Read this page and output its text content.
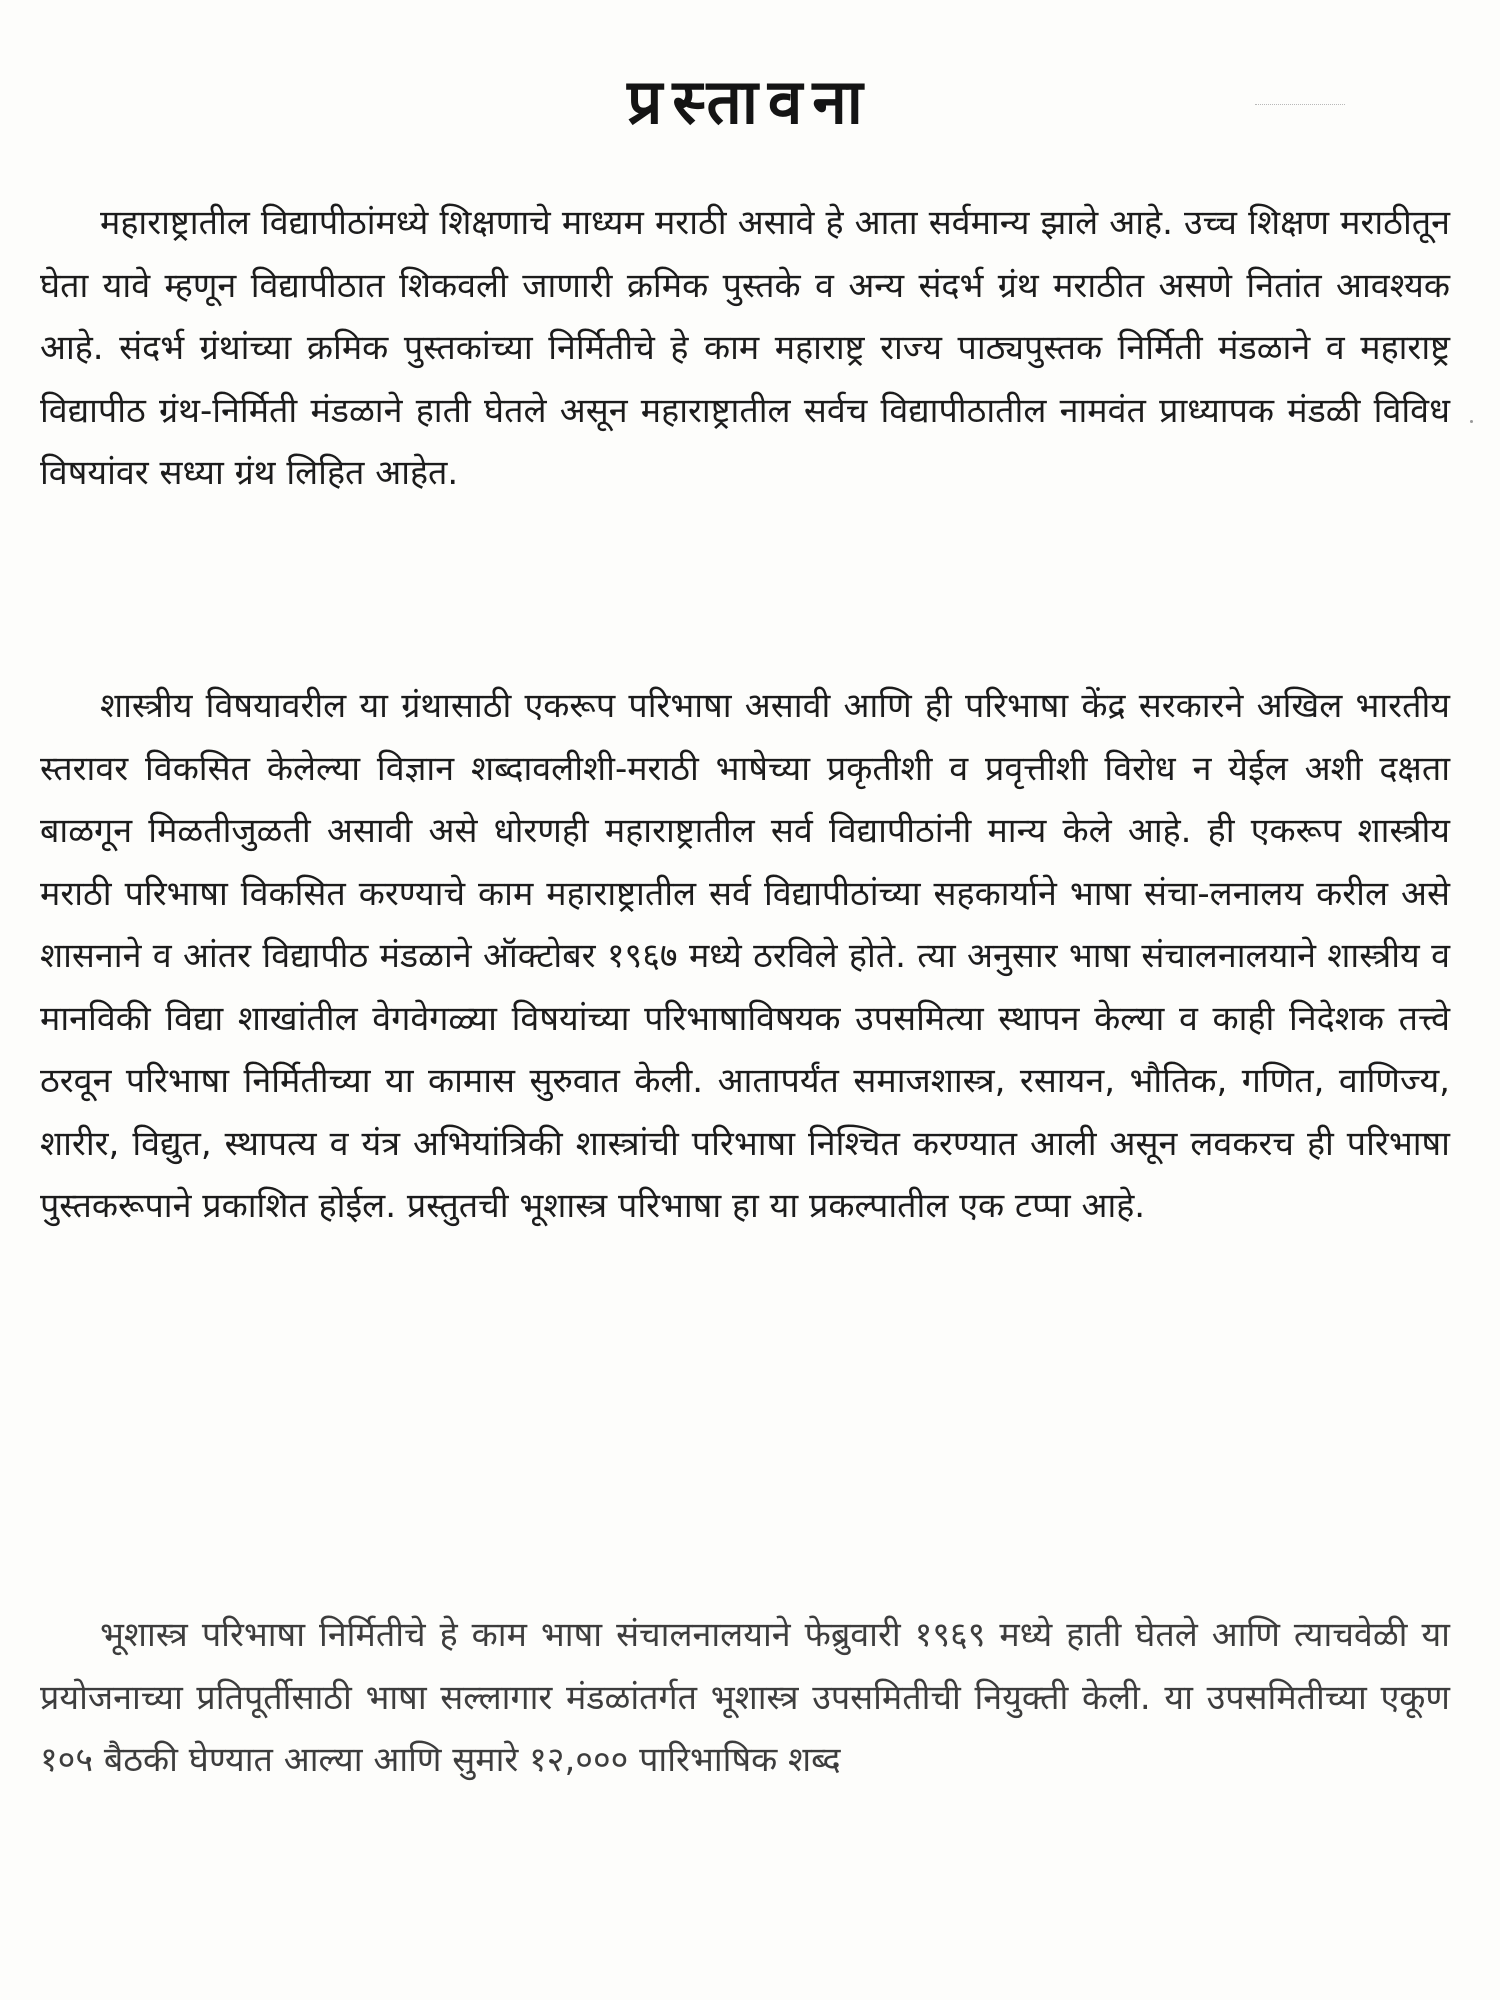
प्रस्तावना

महाराष्ट्रातील विद्यापीठांमध्ये शिक्षणाचे माध्यम मराठी असावे हे आता सर्वमान्य झाले आहे. उच्च शिक्षण मराठीतून घेता यावे म्हणून विद्यापीठात शिकवली जाणारी क्रमिक पुस्तके व अन्य संदर्भ ग्रंथ मराठीत असणे नितांत आवश्यक आहे. संदर्भ ग्रंथांच्या क्रमिक पुस्तकांच्या निर्मितीचे हे काम महाराष्ट्र राज्य पाठ्यपुस्तक निर्मिती मंडळाने व महाराष्ट्र विद्यापीठ ग्रंथ-निर्मिती मंडळाने हाती घेतले असून महाराष्ट्रातील सर्वच विद्यापीठातील नामवंत प्राध्यापक मंडळी विविध विषयांवर सध्या ग्रंथ लिहित आहेत.

शास्त्रीय विषयावरील या ग्रंथासाठी एकरूप परिभाषा असावी आणि ही परिभाषा केंद्र सरकारने अखिल भारतीय स्तरावर विकसित केलेल्या विज्ञान शब्दावलीशी-मराठी भाषेच्या प्रकृतीशी व प्रवृत्तीशी विरोध न येईल अशी दक्षता बाळगून मिळतीजुळती असावी असे धोरणही महाराष्ट्रातील सर्व विद्यापीठांनी मान्य केले आहे. ही एकरूप शास्त्रीय मराठी परिभाषा विकसित करण्याचे काम महाराष्ट्रातील सर्व विद्यापीठांच्या सहकार्याने भाषा संचा-लनालय करील असे शासनाने व आंतर विद्यापीठ मंडळाने ऑक्टोबर १९६७ मध्ये ठरविले होते. त्या अनुसार भाषा संचालनालयाने शास्त्रीय व मानविकी विद्या शाखांतील वेगवेगळ्या विषयांच्या परिभाषाविषयक उपसमित्या स्थापन केल्या व काही निदेशक तत्त्वे ठरवून परिभाषा निर्मितीच्या या कामास सुरुवात केली. आतापर्यंत समाजशास्त्र, रसायन, भौतिक, गणित, वाणिज्य, शारीर, विद्युत, स्थापत्य व यंत्र अभियांत्रिकी शास्त्रांची परिभाषा निश्चित करण्यात आली असून लवकरच ही परिभाषा पुस्तकरूपाने प्रकाशित होईल. प्रस्तुतची भूशास्त्र परिभाषा हा या प्रकल्पातील एक टप्पा आहे.

भूशास्त्र परिभाषा निर्मितीचे हे काम भाषा संचालनालयाने फेब्रुवारी १९६९ मध्ये हाती घेतले आणि त्याचवेळी या प्रयोजनाच्या प्रतिपूर्तीसाठी भाषा सल्लागार मंडळांतर्गत भूशास्त्र उपसमितीची नियुक्ती केली. या उपसमितीच्या एकूण १०५ बैठकी घेण्यात आल्या आणि सुमारे १२,००० पारिभाषिक शब्द
